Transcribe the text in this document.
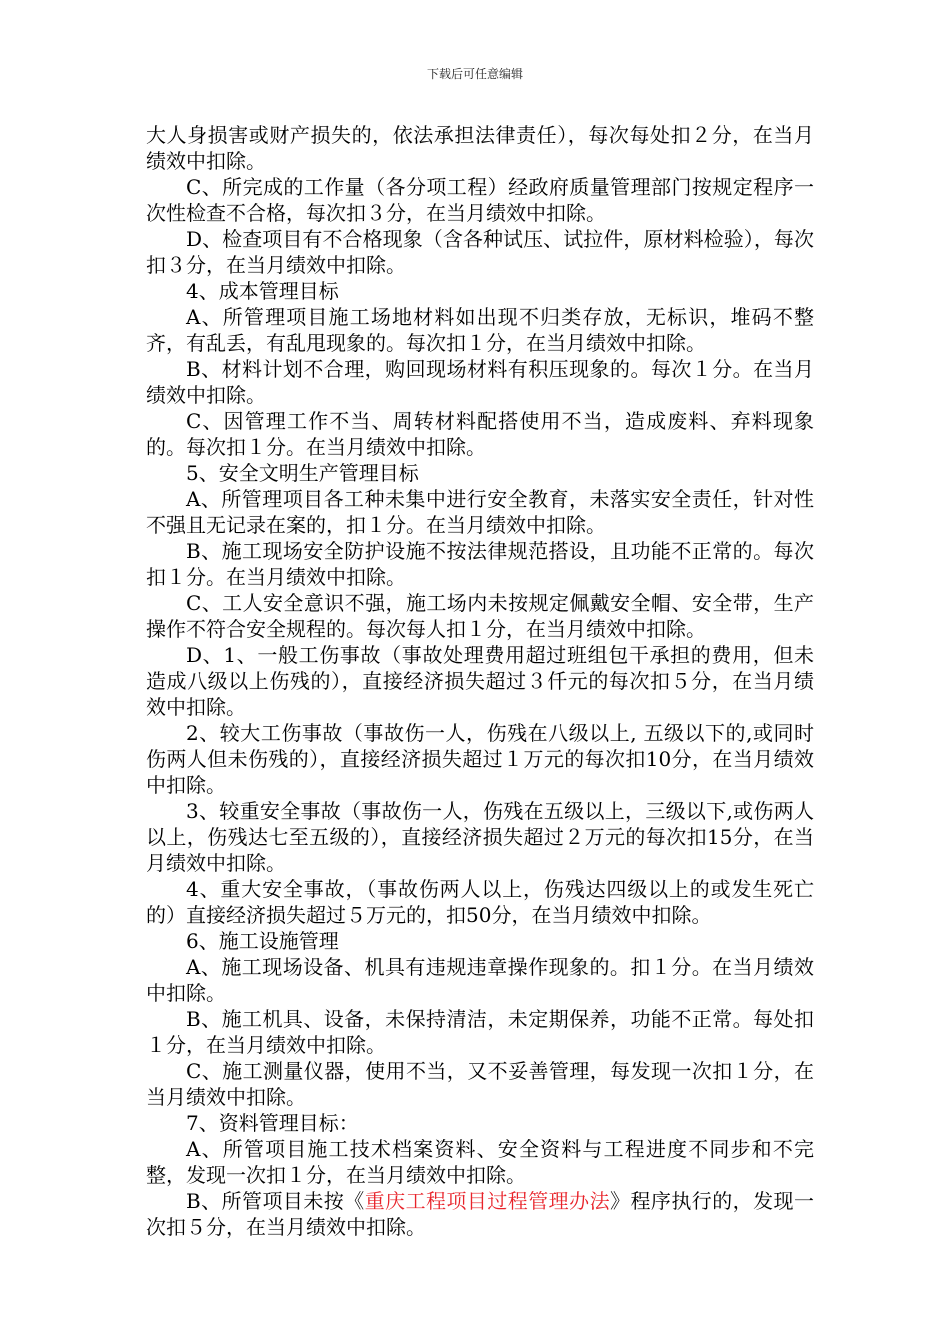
下载后可任意编辑

大人身损害或财产损失的，依法承担法律责任），每次每处扣２分，在当月绩效中扣除。

C、所完成的工作量（各分项工程）经政府质量管理部门按规定程序一次性检查不合格，每次扣３分，在当月绩效中扣除。

D、检查项目有不合格现象（含各种试压、试拉件，原材料检验），每次扣３分，在当月绩效中扣除。

4、成本管理目标

A、所管理项目施工场地材料如出现不归类存放，无标识，堆码不整齐，有乱丢，有乱甩现象的。每次扣１分，在当月绩效中扣除。

B、材料计划不合理，购回现场材料有积压现象的。每次１分。在当月绩效中扣除。

C、因管理工作不当、周转材料配搭使用不当，造成废料、弃料现象的。每次扣１分。在当月绩效中扣除。

5、安全文明生产管理目标

A、所管理项目各工种未集中进行安全教育，未落实安全责任，针对性不强且无记录在案的，扣１分。在当月绩效中扣除。

B、施工现场安全防护设施不按法律规范搭设，且功能不正常的。每次扣１分。在当月绩效中扣除。

C、工人安全意识不强，施工场内未按规定佩戴安全帽、安全带，生产操作不符合安全规程的。每次每人扣１分，在当月绩效中扣除。

D、1、一般工伤事故（事故处理费用超过班组包干承担的费用，但未造成八级以上伤残的），直接经济损失超过３仟元的每次扣５分，在当月绩效中扣除。

2、较大工伤事故（事故伤一人，伤残在八级以上, 五级以下的,或同时伤两人但未伤残的），直接经济损失超过１万元的每次扣10分，在当月绩效中扣除。

3、较重安全事故（事故伤一人，伤残在五级以上，三级以下,或伤两人以上，伤残达七至五级的），直接经济损失超过２万元的每次扣15分，在当月绩效中扣除。

4、重大安全事故，（事故伤两人以上，伤残达四级以上的或发生死亡的）直接经济损失超过５万元的，扣50分，在当月绩效中扣除。

6、施工设施管理

A、施工现场设备、机具有违规违章操作现象的。扣１分。在当月绩效中扣除。

B、施工机具、设备，未保持清洁，未定期保养，功能不正常。每处扣１分，在当月绩效中扣除。

C、施工测量仪器，使用不当，又不妥善管理，每发现一次扣１分，在当月绩效中扣除。

7、资料管理目标：

A、所管项目施工技术档案资料、安全资料与工程进度不同步和不完整，发现一次扣１分，在当月绩效中扣除。

B、所管项目未按《重庆工程项目过程管理办法》程序执行的，发现一次扣５分，在当月绩效中扣除。
